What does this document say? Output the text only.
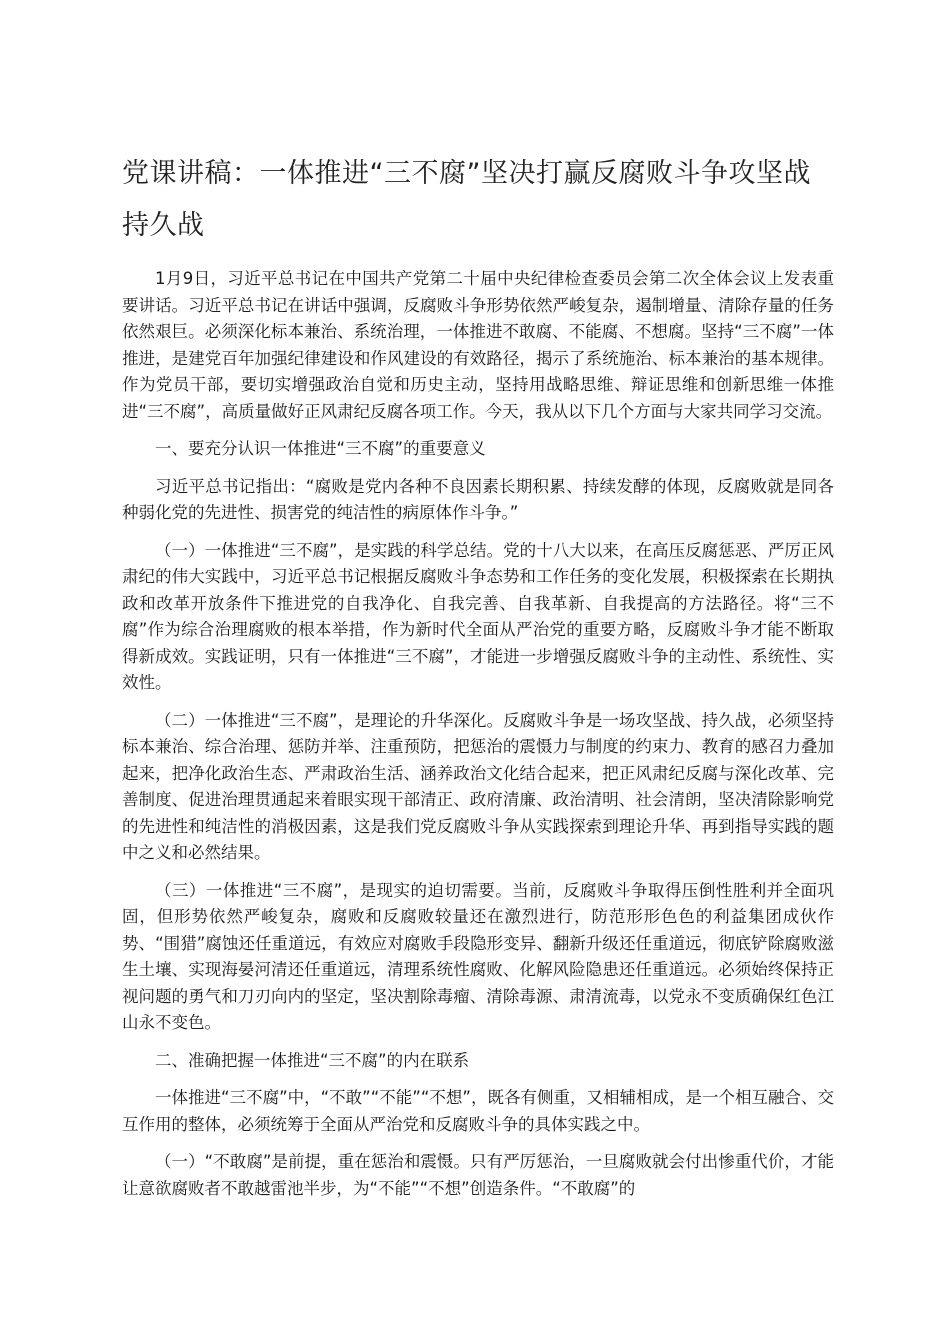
党课讲稿：一体推进“三不腐”坚决打赢反腐败斗争攻坚战持久战

1月9日，习近平总书记在中国共产党第二十届中央纪律检查委员会第二次全体会议上发表重要讲话。习近平总书记在讲话中强调，反腐败斗争形势依然严峻复杂，遏制增量、清除存量的任务依然艰巨。必须深化标本兼治、系统治理，一体推进不敢腐、不能腐、不想腐。坚持“三不腐”一体推进，是建党百年加强纪律建设和作风建设的有效路径，揭示了系统施治、标本兼治的基本规律。作为党员干部，要切实增强政治自觉和历史主动，坚持用战略思维、辩证思维和创新思维一体推进“三不腐”，高质量做好正风肃纪反腐各项工作。今天，我从以下几个方面与大家共同学习交流。

一、要充分认识一体推进“三不腐”的重要意义

习近平总书记指出：“腐败是党内各种不良因素长期积累、持续发酵的体现，反腐败就是同各种弱化党的先进性、损害党的纯洁性的病原体作斗争。”

（一）一体推进“三不腐”，是实践的科学总结。党的十八大以来，在高压反腐惩恶、严厉正风肃纪的伟大实践中，习近平总书记根据反腐败斗争态势和工作任务的变化发展，积极探索在长期执政和改革开放条件下推进党的自我净化、自我完善、自我革新、自我提高的方法路径。将“三不腐”作为综合治理腐败的根本举措，作为新时代全面从严治党的重要方略，反腐败斗争才能不断取得新成效。实践证明，只有一体推进“三不腐”，才能进一步增强反腐败斗争的主动性、系统性、实效性。

（二）一体推进“三不腐”，是理论的升华深化。反腐败斗争是一场攻坚战、持久战，必须坚持标本兼治、综合治理、惩防并举、注重预防，把惩治的震慑力与制度的约束力、教育的感召力叠加起来，把净化政治生态、严肃政治生活、涵养政治文化结合起来，把正风肃纪反腐与深化改革、完善制度、促进治理贯通起来着眼实现干部清正、政府清廉、政治清明、社会清朗，坚决清除影响党的先进性和纯洁性的消极因素，这是我们党反腐败斗争从实践探索到理论升华、再到指导实践的题中之义和必然结果。

（三）一体推进“三不腐”，是现实的迫切需要。当前，反腐败斗争取得压倒性胜利并全面巩固，但形势依然严峻复杂，腐败和反腐败较量还在激烈进行，防范形形色色的利益集团成伙作势、“围猎”腐蚀还任重道远，有效应对腐败手段隐形变异、翻新升级还任重道远，彻底铲除腐败滋生土壤、实现海晏河清还任重道远，清理系统性腐败、化解风险隐患还任重道远。必须始终保持正视问题的勇气和刀刃向内的坚定，坚决割除毒瘤、清除毒源、肃清流毒，以党永不变质确保红色江山永不变色。

二、准确把握一体推进“三不腐”的内在联系

一体推进“三不腐”中，“不敢”“不能”“不想”，既各有侧重，又相辅相成，是一个相互融合、交互作用的整体，必须统筹于全面从严治党和反腐败斗争的具体实践之中。

（一）“不敢腐”是前提，重在惩治和震慑。只有严厉惩治，一旦腐败就会付出惨重代价，才能让意欲腐败者不敢越雷池半步，为“不能”“不想”创造条件。“不敢腐”的
